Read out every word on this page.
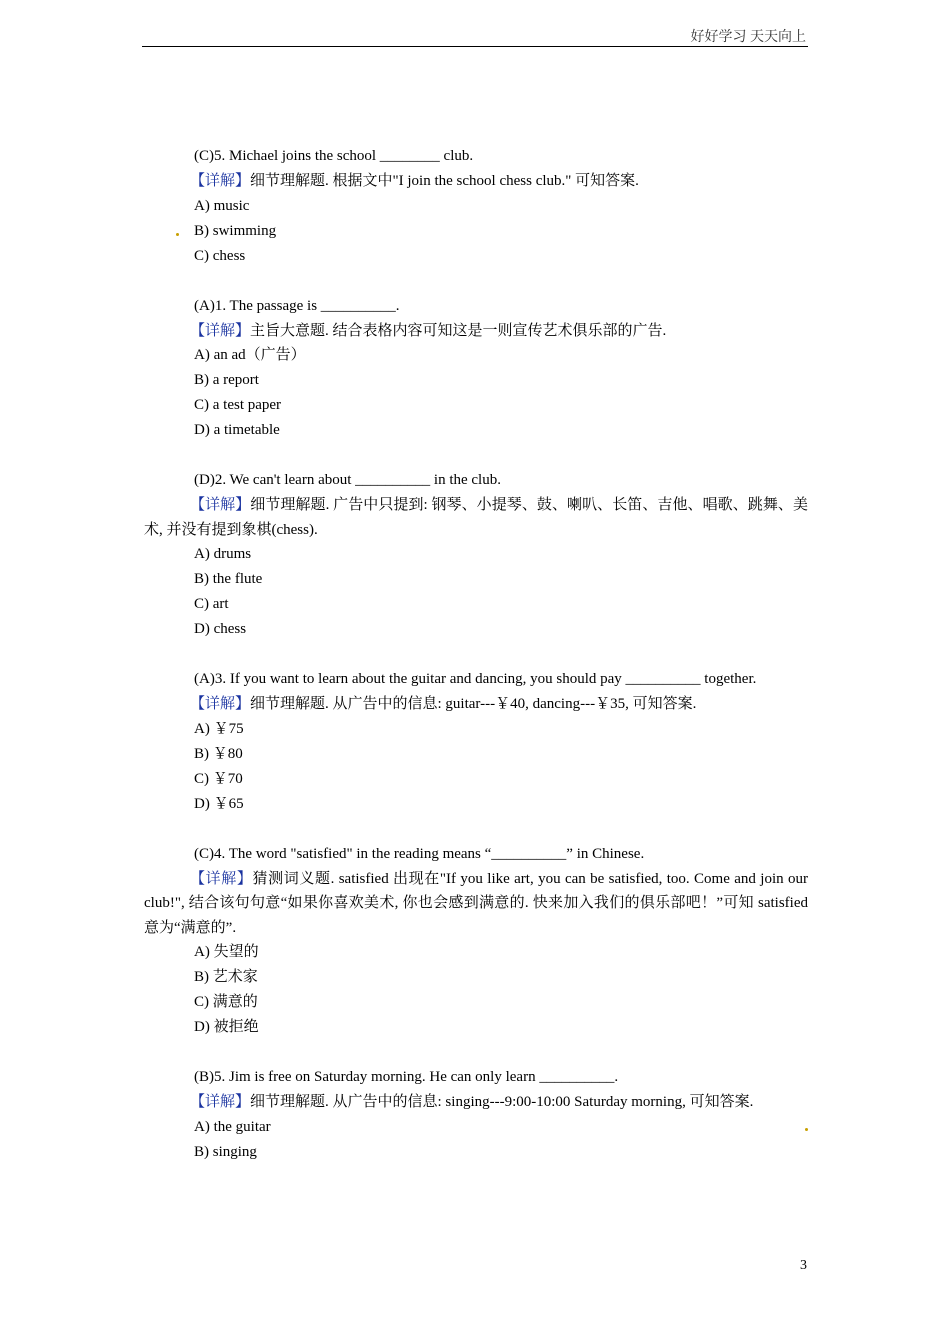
好好学习 天天向上
(C)5. Michael joins the school ________ club.
【详解】细节理解题. 根据文中"I join the school chess club." 可知答案.
A) music
B) swimming
C) chess
(A)1. The passage is __________.
【详解】主旨大意题. 结合表格内容可知这是一则宣传艺术俱乐部的广告.
A) an ad（广告）
B) a report
C) a test paper
D) a timetable
(D)2. We can't learn about __________ in the club.
【详解】细节理解题. 广告中只提到: 钢琴、小提琴、鼓、喇叭、长笛、吉他、唱歌、跳舞、美术, 并没有提到象棋(chess).
A) drums
B) the flute
C) art
D) chess
(A)3. If you want to learn about the guitar and dancing, you should pay __________ together.
【详解】细节理解题. 从广告中的信息: guitar---￥40, dancing---￥35, 可知答案.
A) ￥75
B) ￥80
C) ￥70
D) ￥65
(C)4. The word "satisfied" in the reading means “__________” in Chinese.
【详解】猜测词义题. satisfied 出现在"If you like art, you can be satisfied, too. Come and join our club!", 结合该句句意“如果你喜欢美术, 你也会感到满意的. 快来加入我们的俱乐部吧！”可知 satisfied 意为“满意的”.
A) 失望的
B) 艺术家
C) 满意的
D) 被拒绝
(B)5. Jim is free on Saturday morning. He can only learn __________.
【详解】细节理解题. 从广告中的信息: singing---9:00-10:00 Saturday morning, 可知答案.
A) the guitar
B) singing
3
